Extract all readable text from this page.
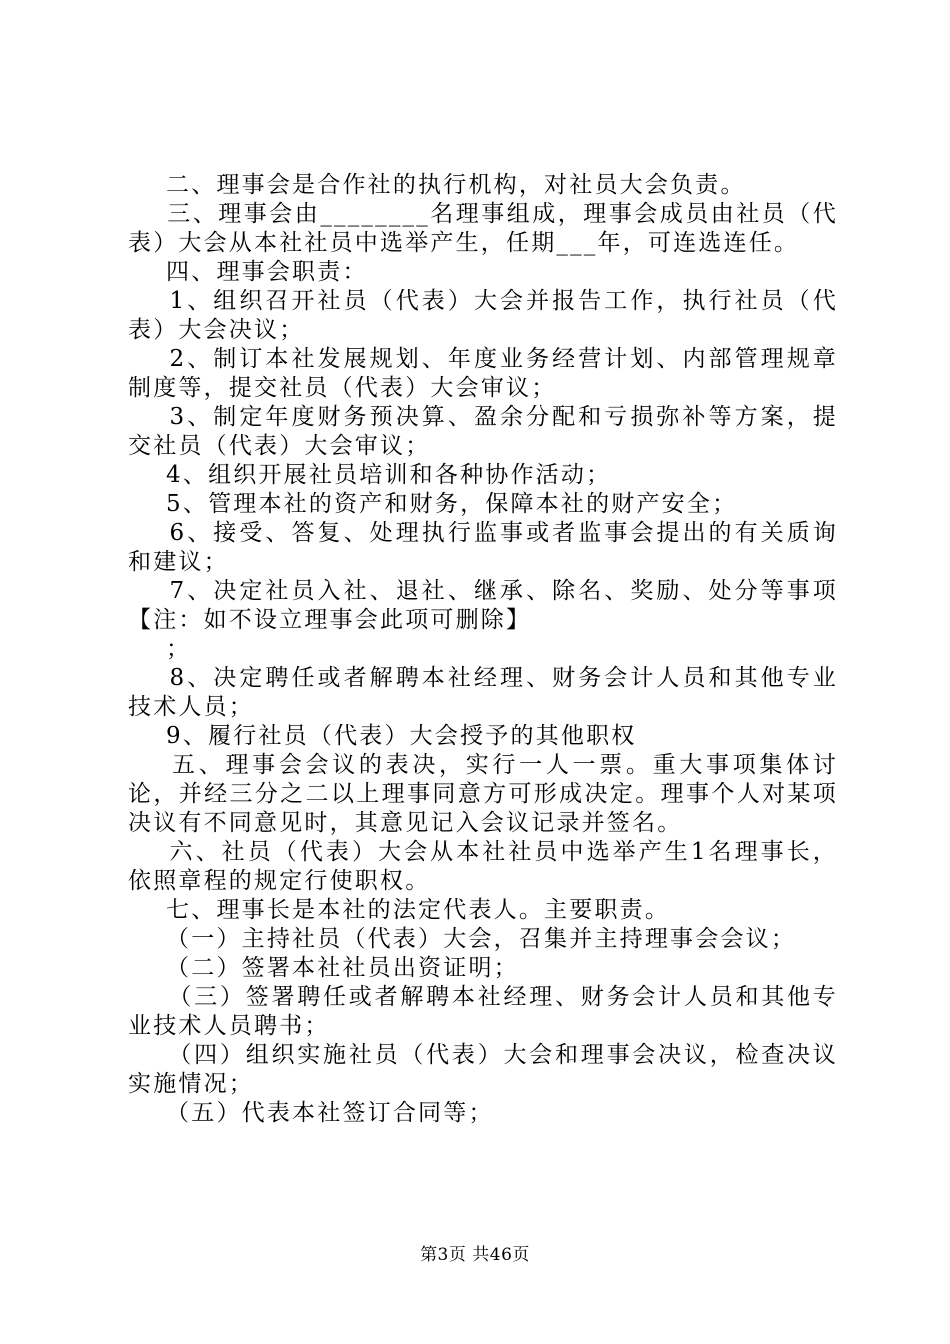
二、理事会是合作社的执行机构，对社员大会负责。

三、理事会由________名理事组成，理事会成员由社员（代表）大会从本社社员中选举产生，任期___年，可连选连任。

四、理事会职责：

1、组织召开社员（代表）大会并报告工作，执行社员（代表）大会决议；

2、制订本社发展规划、年度业务经营计划、内部管理规章制度等，提交社员（代表）大会审议；

3、制定年度财务预决算、盈余分配和亏损弥补等方案，提交社员（代表）大会审议；

4、组织开展社员培训和各种协作活动；

5、管理本社的资产和财务，保障本社的财产安全；

6、接受、答复、处理执行监事或者监事会提出的有关质询和建议；

7、决定社员入社、退社、继承、除名、奖励、处分等事项【注：如不设立理事会此项可删除】

；

8、决定聘任或者解聘本社经理、财务会计人员和其他专业技术人员；

9、履行社员（代表）大会授予的其他职权

五、理事会会议的表决，实行一人一票。重大事项集体讨论，并经三分之二以上理事同意方可形成决定。理事个人对某项决议有不同意见时，其意见记入会议记录并签名。

六、社员（代表）大会从本社社员中选举产生1名理事长，依照章程的规定行使职权。

七、理事长是本社的法定代表人。主要职责。

（一）主持社员（代表）大会，召集并主持理事会会议；

（二）签署本社社员出资证明；

（三）签署聘任或者解聘本社经理、财务会计人员和其他专业技术人员聘书；

（四）组织实施社员（代表）大会和理事会决议，检查决议实施情况；

（五）代表本社签订合同等；

第3页 共46页
